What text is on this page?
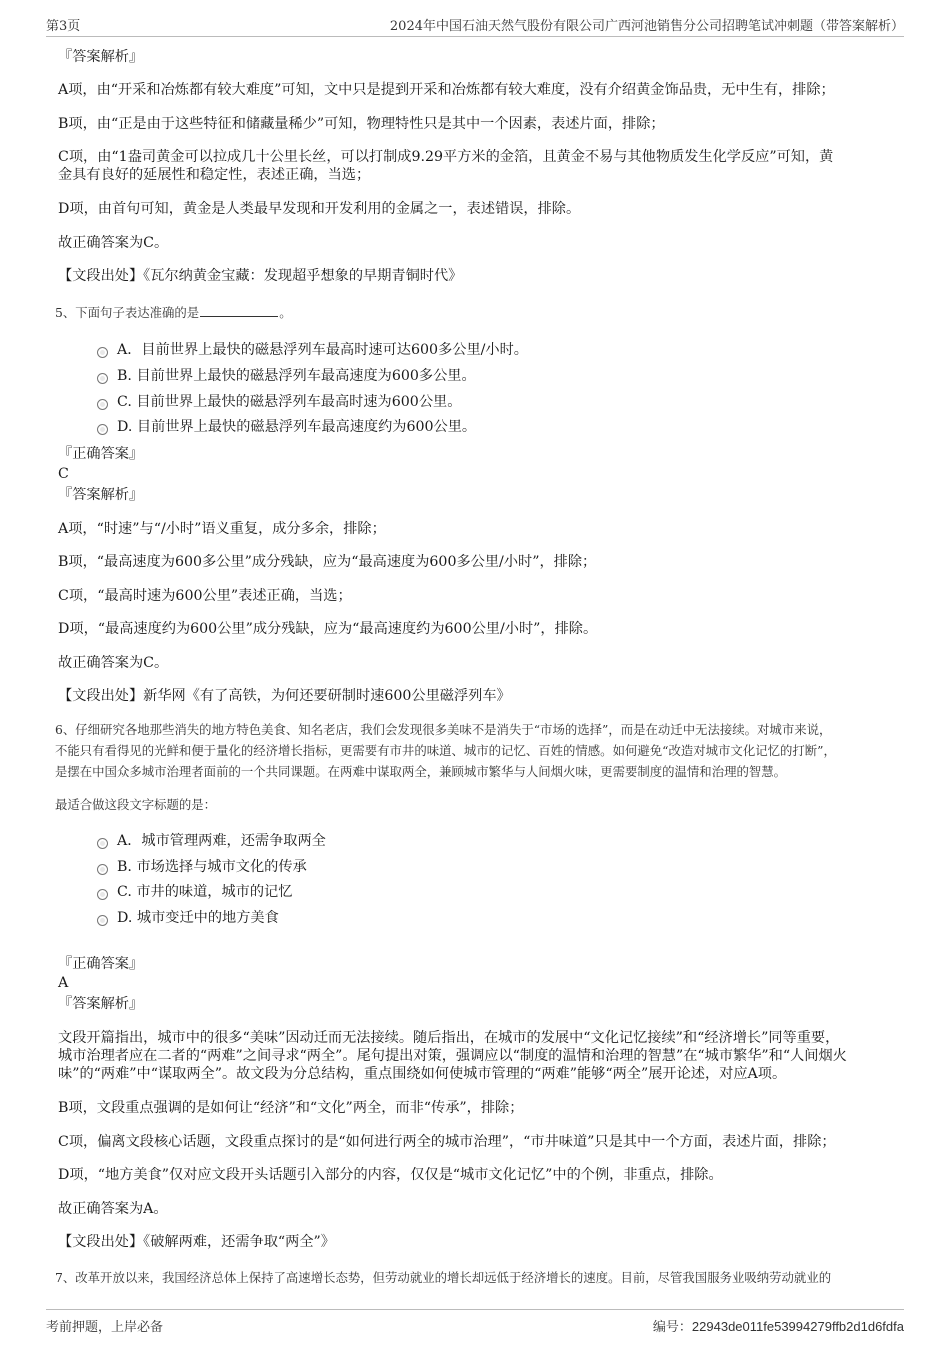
第3页	2024年中国石油天然气股份有限公司广西河池销售分公司招聘笔试冲刺题（带答案解析）
『答案解析』
A项，由“开采和冶炼都有较大难度”可知，文中只是提到开采和冶炼都有较大难度，没有介绍黄金饰品贵，无中生有，排除；
B项，由“正是由于这些特征和储藏量稀少”可知，物理特性只是其中一个因素，表述片面，排除；
C项，由“1盎司黄金可以拉成几十公里长丝，可以打制成9.29平方米的金箔，且黄金不易与其他物质发生化学反应”可知，黄
金具有良好的延展性和稳定性，表述正确，当选；
D项，由首句可知，黄金是人类最早发现和开发利用的金属之一，表述错误，排除。
故正确答案为C。
【文段出处】《瓦尔纳黄金宝藏：发现超乎想象的早期青铜时代》
5、下面句子表达准确的是	。
A．目前世界上最快的磁悬浮列车最高时速可达600多公里/小时。
B. 目前世界上最快的磁悬浮列车最高速度为600多公里。
C. 目前世界上最快的磁悬浮列车最高时速为600公里。
D. 目前世界上最快的磁悬浮列车最高速度约为600公里。
『正确答案』
C
『答案解析』
A项，“时速”与“/小时”语义重复，成分多余，排除；
B项，“最高速度为600多公里”成分残缺，应为“最高速度为600多公里/小时”，排除；
C项，“最高时速为600公里”表述正确，当选；
D项，“最高速度约为600公里”成分残缺，应为“最高速度约为600公里/小时”，排除。
故正确答案为C。
【文段出处】新华网《有了高铁，为何还要研制时速600公里磁浮列车》
6、仔细研究各地那些消失的地方特色美食、知名老店，我们会发现很多美味不是消失于“市场的选择”，而是在动迁中无法接续。对城市来说，
不能只有看得见的光鲜和便于量化的经济增长指标，更需要有市井的味道、城市的记忆、百姓的情感。如何避免“改造对城市文化记忆的打断”，
是摆在中国众多城市治理者面前的一个共同课题。在两难中谋取两全，兼顾城市繁华与人间烟火味，更需要制度的温情和治理的智慧。
最适合做这段文字标题的是：
A．城市管理两难，还需争取两全
B. 市场选择与城市文化的传承
C. 市井的味道，城市的记忆
D. 城市变迁中的地方美食
『正确答案』
A
『答案解析』
文段开篇指出，城市中的很多“美味”因动迁而无法接续。随后指出，在城市的发展中“文化记忆接续”和“经济增长”同等重要，
城市治理者应在二者的“两难”之间寻求“两全”。尾句提出对策，强调应以“制度的温情和治理的智慧”在“城市繁华”和“人间烟火
味”的“两难”中“谋取两全”。故文段为分总结构，重点围绕如何使城市管理的“两难”能够“两全”展开论述，对应A项。
B项，文段重点强调的是如何让“经济”和“文化”两全，而非“传承”，排除；
C项，偏离文段核心话题，文段重点探讨的是“如何进行两全的城市治理”，“市井味道”只是其中一个方面，表述片面，排除；
D项，“地方美食”仅对应文段开头话题引入部分的内容，仅仅是“城市文化记忆”中的个例，非重点，排除。
故正确答案为A。
【文段出处】《破解两难，还需争取“两全”》
7、改革开放以来，我国经济总体上保持了高速增长态势，但劳动就业的增长却远低于经济增长的速度。目前，尽管我国服务业吸纳劳动就业的
考前押题，上岸必备	编号：22943de011fe53994279ffb2d1d6fdfa
